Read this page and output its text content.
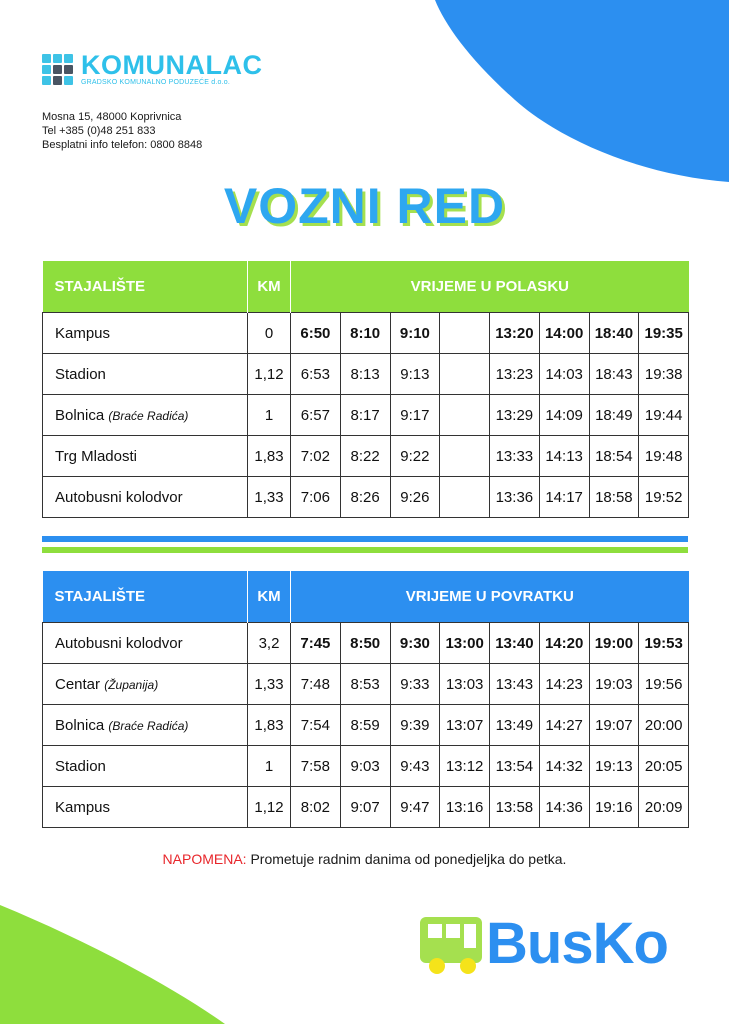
KOMUNALAC
GRADSKO KOMUNALNO PODUZEĆE d.o.o.
Mosna 15, 48000 Koprivnica
Tel +385 (0)48 251 833
Besplatni info telefon: 0800 8848
VOZNI RED
STAJALIŠTE	KM	VRIJEME U POLASKU							
Kampus	0	6:50	8:10	9:10		13:20	14:00	18:40	19:35
Stadion	1,12	6:53	8:13	9:13		13:23	14:03	18:43	19:38
Bolnica (Braće Radića)	1	6:57	8:17	9:17		13:29	14:09	18:49	19:44
Trg Mladosti	1,83	7:02	8:22	9:22		13:33	14:13	18:54	19:48
Autobusni kolodvor	1,33	7:06	8:26	9:26		13:36	14:17	18:58	19:52
STAJALIŠTE	KM	VRIJEME U POVRATKU							
Autobusni kolodvor	3,2	7:45	8:50	9:30	13:00	13:40	14:20	19:00	19:53
Centar (Županija)	1,33	7:48	8:53	9:33	13:03	13:43	14:23	19:03	19:56
Bolnica (Braće Radića)	1,83	7:54	8:59	9:39	13:07	13:49	14:27	19:07	20:00
Stadion	1	7:58	9:03	9:43	13:12	13:54	14:32	19:13	20:05
Kampus	1,12	8:02	9:07	9:47	13:16	13:58	14:36	19:16	20:09
NAPOMENA: Prometuje radnim danima od ponedjeljka do petka.
BusKo
